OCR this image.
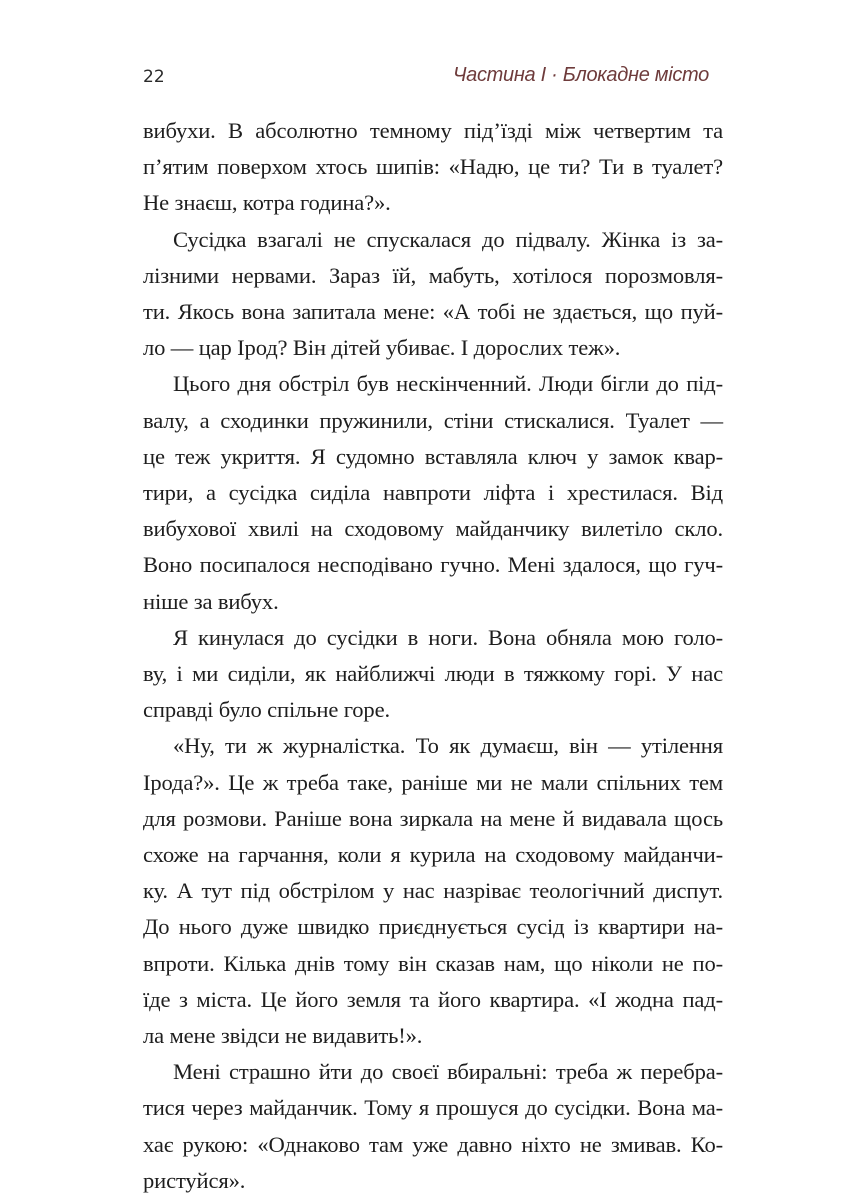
22	Частина I · Блокадне місто

вибухи. В абсолютно темному під’їзді між четвертим та
п’ятим поверхом хтось шипів: «Надю, це ти? Ти в туалет?
Не знаєш, котра година?».

Сусідка взагалі не спускалася до підвалу. Жінка із за-
лізними нервами. Зараз їй, мабуть, хотілося порозмовля-
ти. Якось вона запитала мене: «А тобі не здається, що пуй-
ло — цар Ірод? Він дітей убиває. І дорослих теж».

Цього дня обстріл був нескінченний. Люди бігли до під-
валу, а сходинки пружинили, стіни стискалися. Туалет —
це теж укриття. Я судомно вставляла ключ у замок квар-
тири, а сусідка сиділа навпроти ліфта і хрестилася. Від
вибухової хвилі на сходовому майданчику вилетіло скло.
Воно посипалося несподівано гучно. Мені здалося, що гуч-
ніше за вибух.

Я кинулася до сусідки в ноги. Вона обняла мою голо-
ву, і ми сиділи, як найближчі люди в тяжкому горі. У нас
справді було спільне горе.

«Ну, ти ж журналістка. То як думаєш, він — утілення
Ірода?». Це ж треба таке, раніше ми не мали спільних тем
для розмови. Раніше вона зиркала на мене й видавала щось
схоже на гарчання, коли я курила на сходовому майданчи-
ку. А тут під обстрілом у нас назріває теологічний диспут.
До нього дуже швидко приєднується сусід із квартири на-
впроти. Кілька днів тому він сказав нам, що ніколи не по-
їде з міста. Це його земля та його квартира. «І жодна пад-
ла мене звідси не видавить!».

Мені страшно йти до своєї вбиральні: треба ж перебра-
тися через майданчик. Тому я прошуся до сусідки. Вона ма-
хає рукою: «Однаково там уже давно ніхто не змивав. Ко-
ристуйся».
